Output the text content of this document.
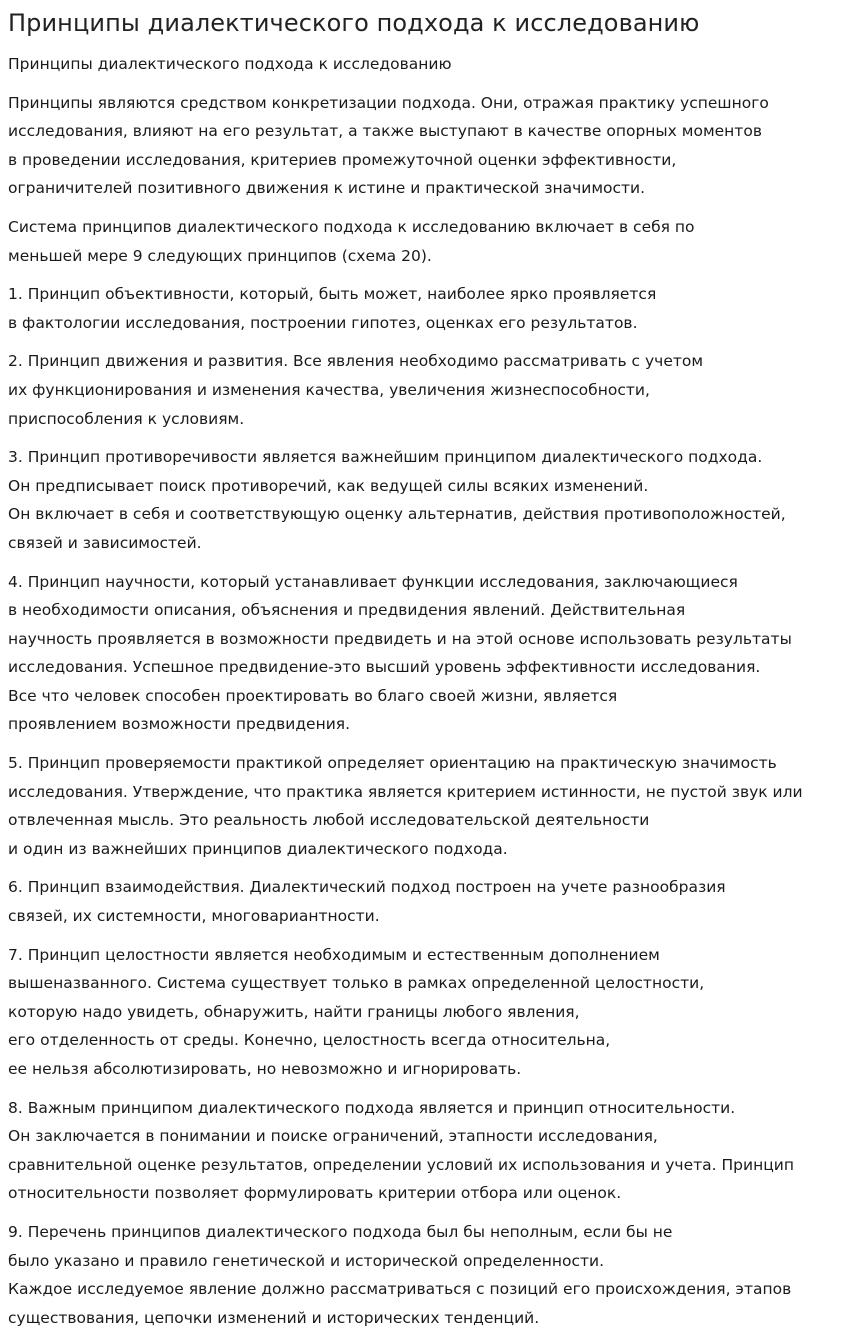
Принципы диалектического подхода к исследованию

Принципы диалектического подхода к исследованию

Принципы являются средством конкретизации подхода. Они, отражая практику успешного
исследования, влияют на его результат, а также выступают в качестве опорных моментов
в проведении исследования, критериев промежуточной оценки эффективности,
ограничителей позитивного движения к истине и практической значимости.

Система принципов диалектического подхода к исследованию включает в себя по
меньшей мере 9 следующих принципов (схема 20).

1. Принцип объективности, который, быть может, наиболее ярко проявляется
в фактологии исследования, построении гипотез, оценках его результатов.

2. Принцип движения и развития. Все явления необходимо рассматривать с учетом
их функционирования и изменения качества, увеличения жизнеспособности,
приспособления к условиям.

3. Принцип противоречивости является важнейшим принципом диалектического подхода.
Он предписывает поиск противоречий, как ведущей силы всяких изменений.
Он включает в себя и соответствующую оценку альтернатив, действия противоположностей,
связей и зависимостей.

4. Принцип научности, который устанавливает функции исследования, заключающиеся
в необходимости описания, объяснения и предвидения явлений. Действительная
научность проявляется в возможности предвидеть и на этой основе использовать результаты
исследования. Успешное предвидение-это высший уровень эффективности исследования.
Все что человек способен проектировать во благо своей жизни, является
проявлением возможности предвидения.

5. Принцип проверяемости практикой определяет ориентацию на практическую значимость
исследования. Утверждение, что практика является критерием истинности, не пустой звук или
отвлеченная мысль. Это реальность любой исследовательской деятельности
и один из важнейших принципов диалектического подхода.

6. Принцип взаимодействия. Диалектический подход построен на учете разнообразия
связей, их системности, многовариантности.

7. Принцип целостности является необходимым и естественным дополнением
вышеназванного. Система существует только в рамках определенной целостности,
которую надо увидеть, обнаружить, найти границы любого явления,
его отделенность от среды. Конечно, целостность всегда относительна,
ее нельзя абсолютизировать, но невозможно и игнорировать.

8. Важным принципом диалектического подхода является и принцип относительности.
Он заключается в понимании и поиске ограничений, этапности исследования,
сравнительной оценке результатов, определении условий их использования и учета. Принцип
относительности позволяет формулировать критерии отбора или оценок.

9. Перечень принципов диалектического подхода был бы неполным, если бы не
было указано и правило генетической и исторической определенности.
Каждое исследуемое явление должно рассматриваться с позиций его происхождения, этапов
существования, цепочки изменений и исторических тенденций.
